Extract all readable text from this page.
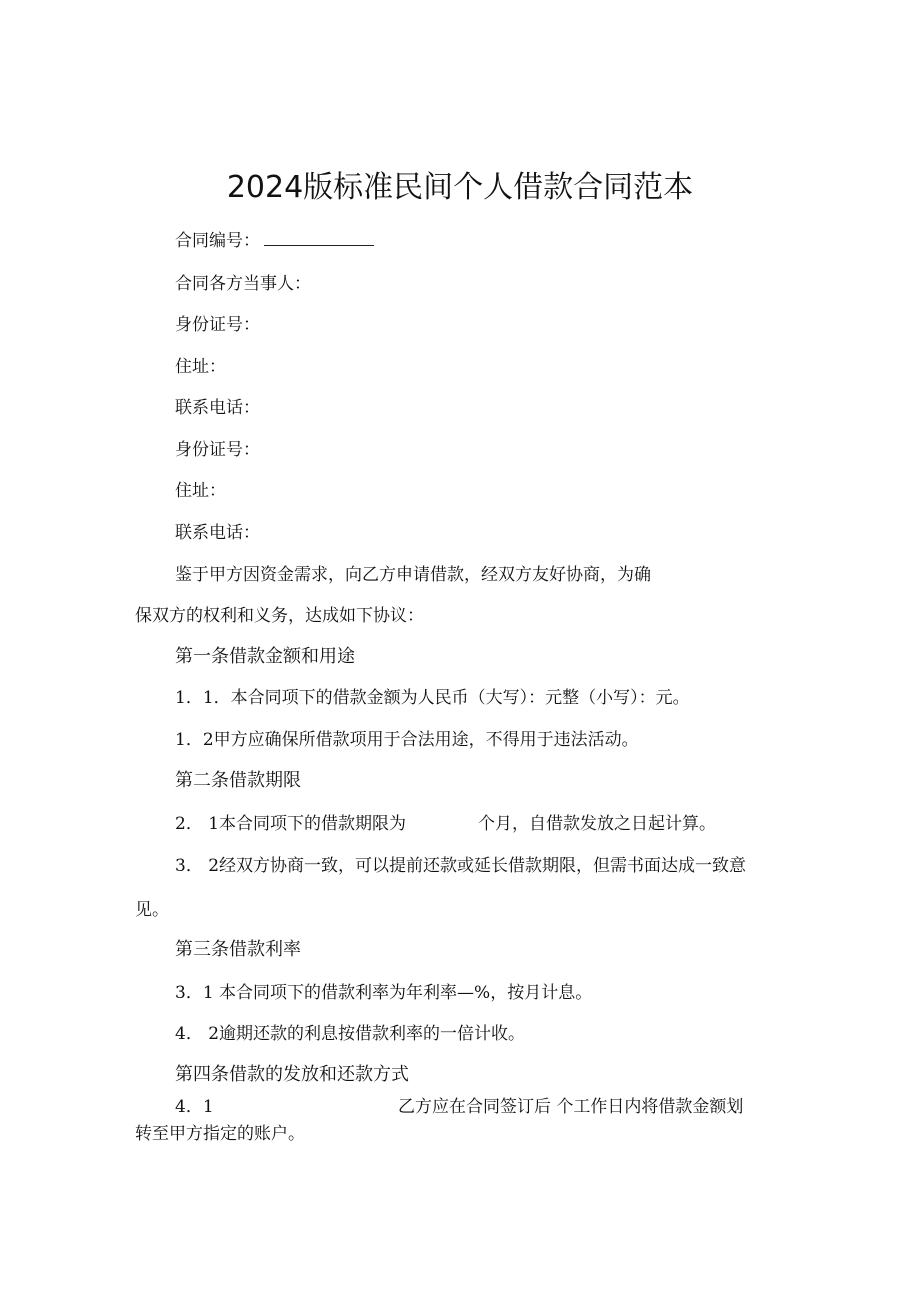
2024版标准民间个人借款合同范本
合同编号：
合同各方当事人：
身份证号：
住址：
联系电话：
身份证号：
住址：
联系电话：
鉴于甲方因资金需求，向乙方申请借款，经双方友好协商，为确
保双方的权利和义务，达成如下协议：
第一条借款金额和用途
1．1．本合同项下的借款金额为人民币（大写）：元整（小写）：元。
1．2甲方应确保所借款项用于合法用途，不得用于违法活动。
第二条借款期限
2． 1本合同项下的借款期限为	个月，自借款发放之日起计算。
3． 2经双方协商一致，可以提前还款或延长借款期限，但需书面达成一致意
见。
第三条借款利率
3．1 本合同项下的借款利率为年利率—%，按月计息。
4． 2逾期还款的利息按借款利率的一倍计收。
第四条借款的发放和还款方式
4．1	乙方应在合同签订后 个工作日内将借款金额划
转至甲方指定的账户。
